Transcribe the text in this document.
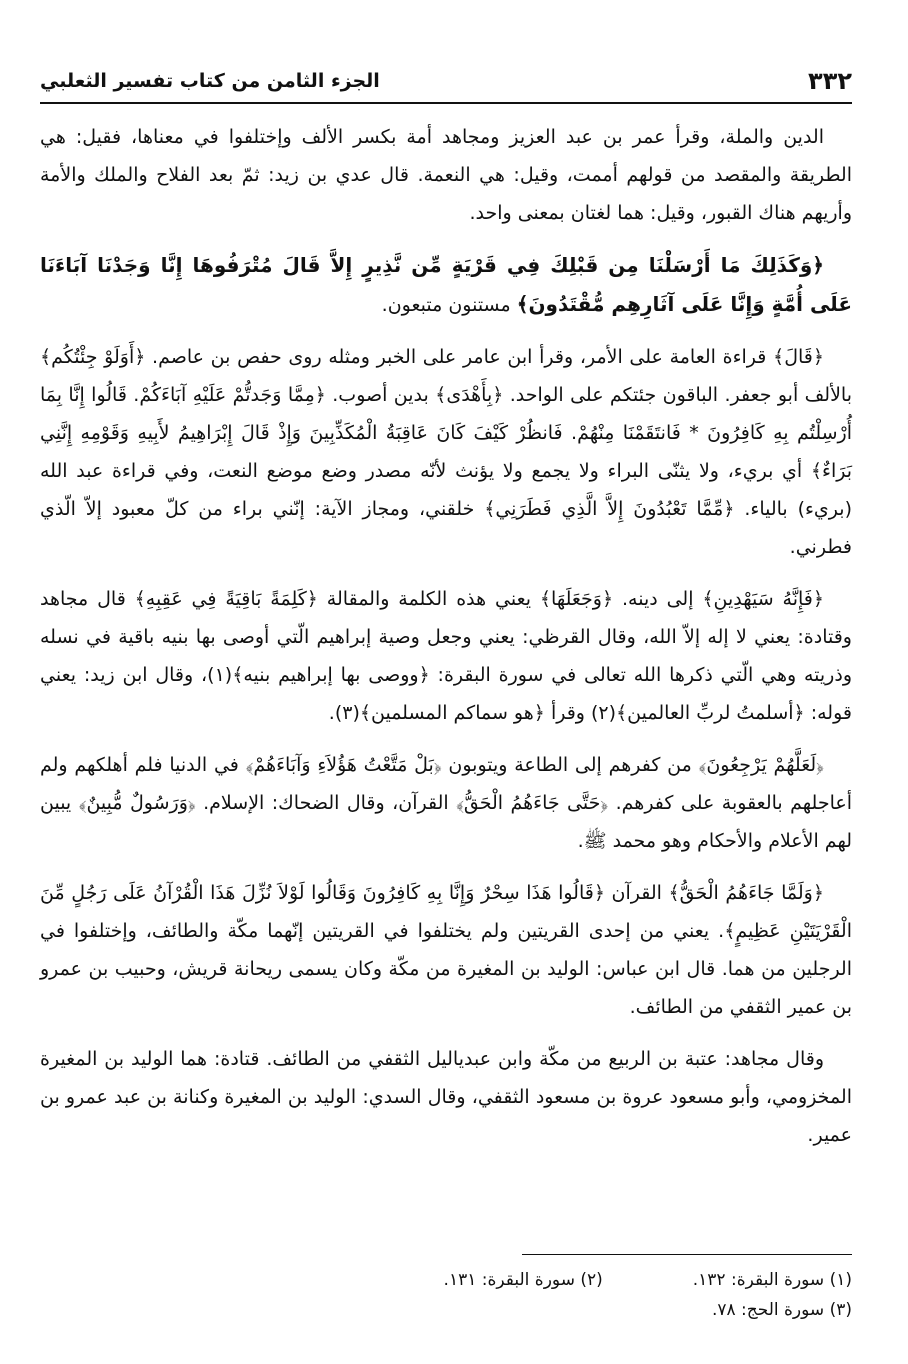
٣٣٢
الجزء الثامن من كتاب تفسير الثعلبي

الدين والملة، وقرأ عمر بن عبد العزيز ومجاهد أمة بكسر الألف وإختلفوا في معناها، فقيل: هي الطريقة والمقصد من قولهم أممت، وقيل: هي النعمة. قال عدي بن زيد: ثمّ بعد الفلاح والملك والأمة وأريهم هناك القبور، وقيل: هما لغتان بمعنى واحد.

﴿وَكَذَلِكَ مَا أَرْسَلْنَا مِن قَبْلِكَ فِي قَرْيَةٍ مِّن نَّذِيرٍ إِلاَّ قَالَ مُتْرَفُوهَا إِنَّا وَجَدْنَا آبَاءَنَا عَلَى أُمَّةٍ وَإِنَّا عَلَى آثَارِهِم مُّقْتَدُونَ﴾ مستنون متبعون.

﴿قَالَ﴾ قراءة العامة على الأمر، وقرأ ابن عامر على الخبر ومثله روى حفص بن عاصم. ﴿أَوَلَوْ جِئْتُكُم﴾ بالألف أبو جعفر. الباقون جئتكم على الواحد. ﴿بِأَهْدَى﴾ بدين أصوب. ﴿مِمَّا وَجَدتُّمْ عَلَيْهِ آبَاءَكُمْ. قَالُوا إِنَّا بِمَا أُرْسِلْتُم بِهِ كَافِرُونَ * فَانتَقَمْنَا مِنْهُمْ. فَانظُرْ كَيْفَ كَانَ عَاقِبَةُ الْمُكَذِّبِينَ وَإِذْ قَالَ إِبْرَاهِيمُ لأَبِيهِ وَقَوْمِهِ إِنَّنِي بَرَاءٌ﴾ أي بريء، ولا يثنّى البراء ولا يجمع ولا يؤنث لأنّه مصدر وضع موضع النعت، وفي قراءة عبد الله (بريء) بالياء. ﴿مِّمَّا تَعْبُدُونَ إِلاَّ الَّذِي فَطَرَنِي﴾ خلقني، ومجاز الآية: إنّني براء من كلّ معبود إلاّ الّذي فطرني.

﴿فَإِنَّهُ سَيَهْدِينِ﴾ إلى دينه. ﴿وَجَعَلَهَا﴾ يعني هذه الكلمة والمقالة ﴿كَلِمَةً بَاقِيَةً فِي عَقِبِهِ﴾ قال مجاهد وقتادة: يعني لا إله إلاّ الله، وقال القرظي: يعني وجعل وصية إبراهيم الّتي أوصى بها بنيه باقية في نسله وذريته وهي الّتي ذكرها الله تعالى في سورة البقرة: ﴿ووصى بها إبراهيم بنيه﴾(١)، وقال ابن زيد: يعني قوله: ﴿أسلمتُ لربِّ العالمين﴾(٢) وقرأ ﴿هو سماكم المسلمين﴾(٣).

﴿لَعَلَّهُمْ يَرْجِعُونَ﴾ من كفرهم إلى الطاعة ويتوبون ﴿بَلْ مَتَّعْتُ هَؤُلاَءِ وَآبَاءَهُمْ﴾ في الدنيا فلم أهلكهم ولم أعاجلهم بالعقوبة على كفرهم. ﴿حَتَّى جَاءَهُمُ الْحَقُّ﴾ القرآن، وقال الضحاك: الإسلام. ﴿وَرَسُولٌ مُّبِينٌ﴾ يبين لهم الأعلام والأحكام وهو محمد ﷺ.

﴿وَلَمَّا جَاءَهُمُ الْحَقُّ﴾ القرآن ﴿قَالُوا هَذَا سِحْرٌ وَإِنَّا بِهِ كَافِرُونَ وَقَالُوا لَوْلاَ نُزِّلَ هَذَا الْقُرْآنُ عَلَى رَجُلٍ مِّنَ الْقَرْيَتَيْنِ عَظِيمٍ﴾. يعني من إحدى القريتين ولم يختلفوا في القريتين إنّهما مكّة والطائف، وإختلفوا في الرجلين من هما. قال ابن عباس: الوليد بن المغيرة من مكّة وكان يسمى ريحانة قريش، وحبيب بن عمرو بن عمير الثقفي من الطائف.

وقال مجاهد: عتبة بن الربيع من مكّة وابن عبدياليل الثقفي من الطائف. قتادة: هما الوليد بن المغيرة المخزومي، وأبو مسعود عروة بن مسعود الثقفي، وقال السدي: الوليد بن المغيرة وكنانة بن عبد عمرو بن عمير.

(١) سورة البقرة: ١٣٢.
(٢) سورة البقرة: ١٣١.
(٣) سورة الحج: ٧٨.
